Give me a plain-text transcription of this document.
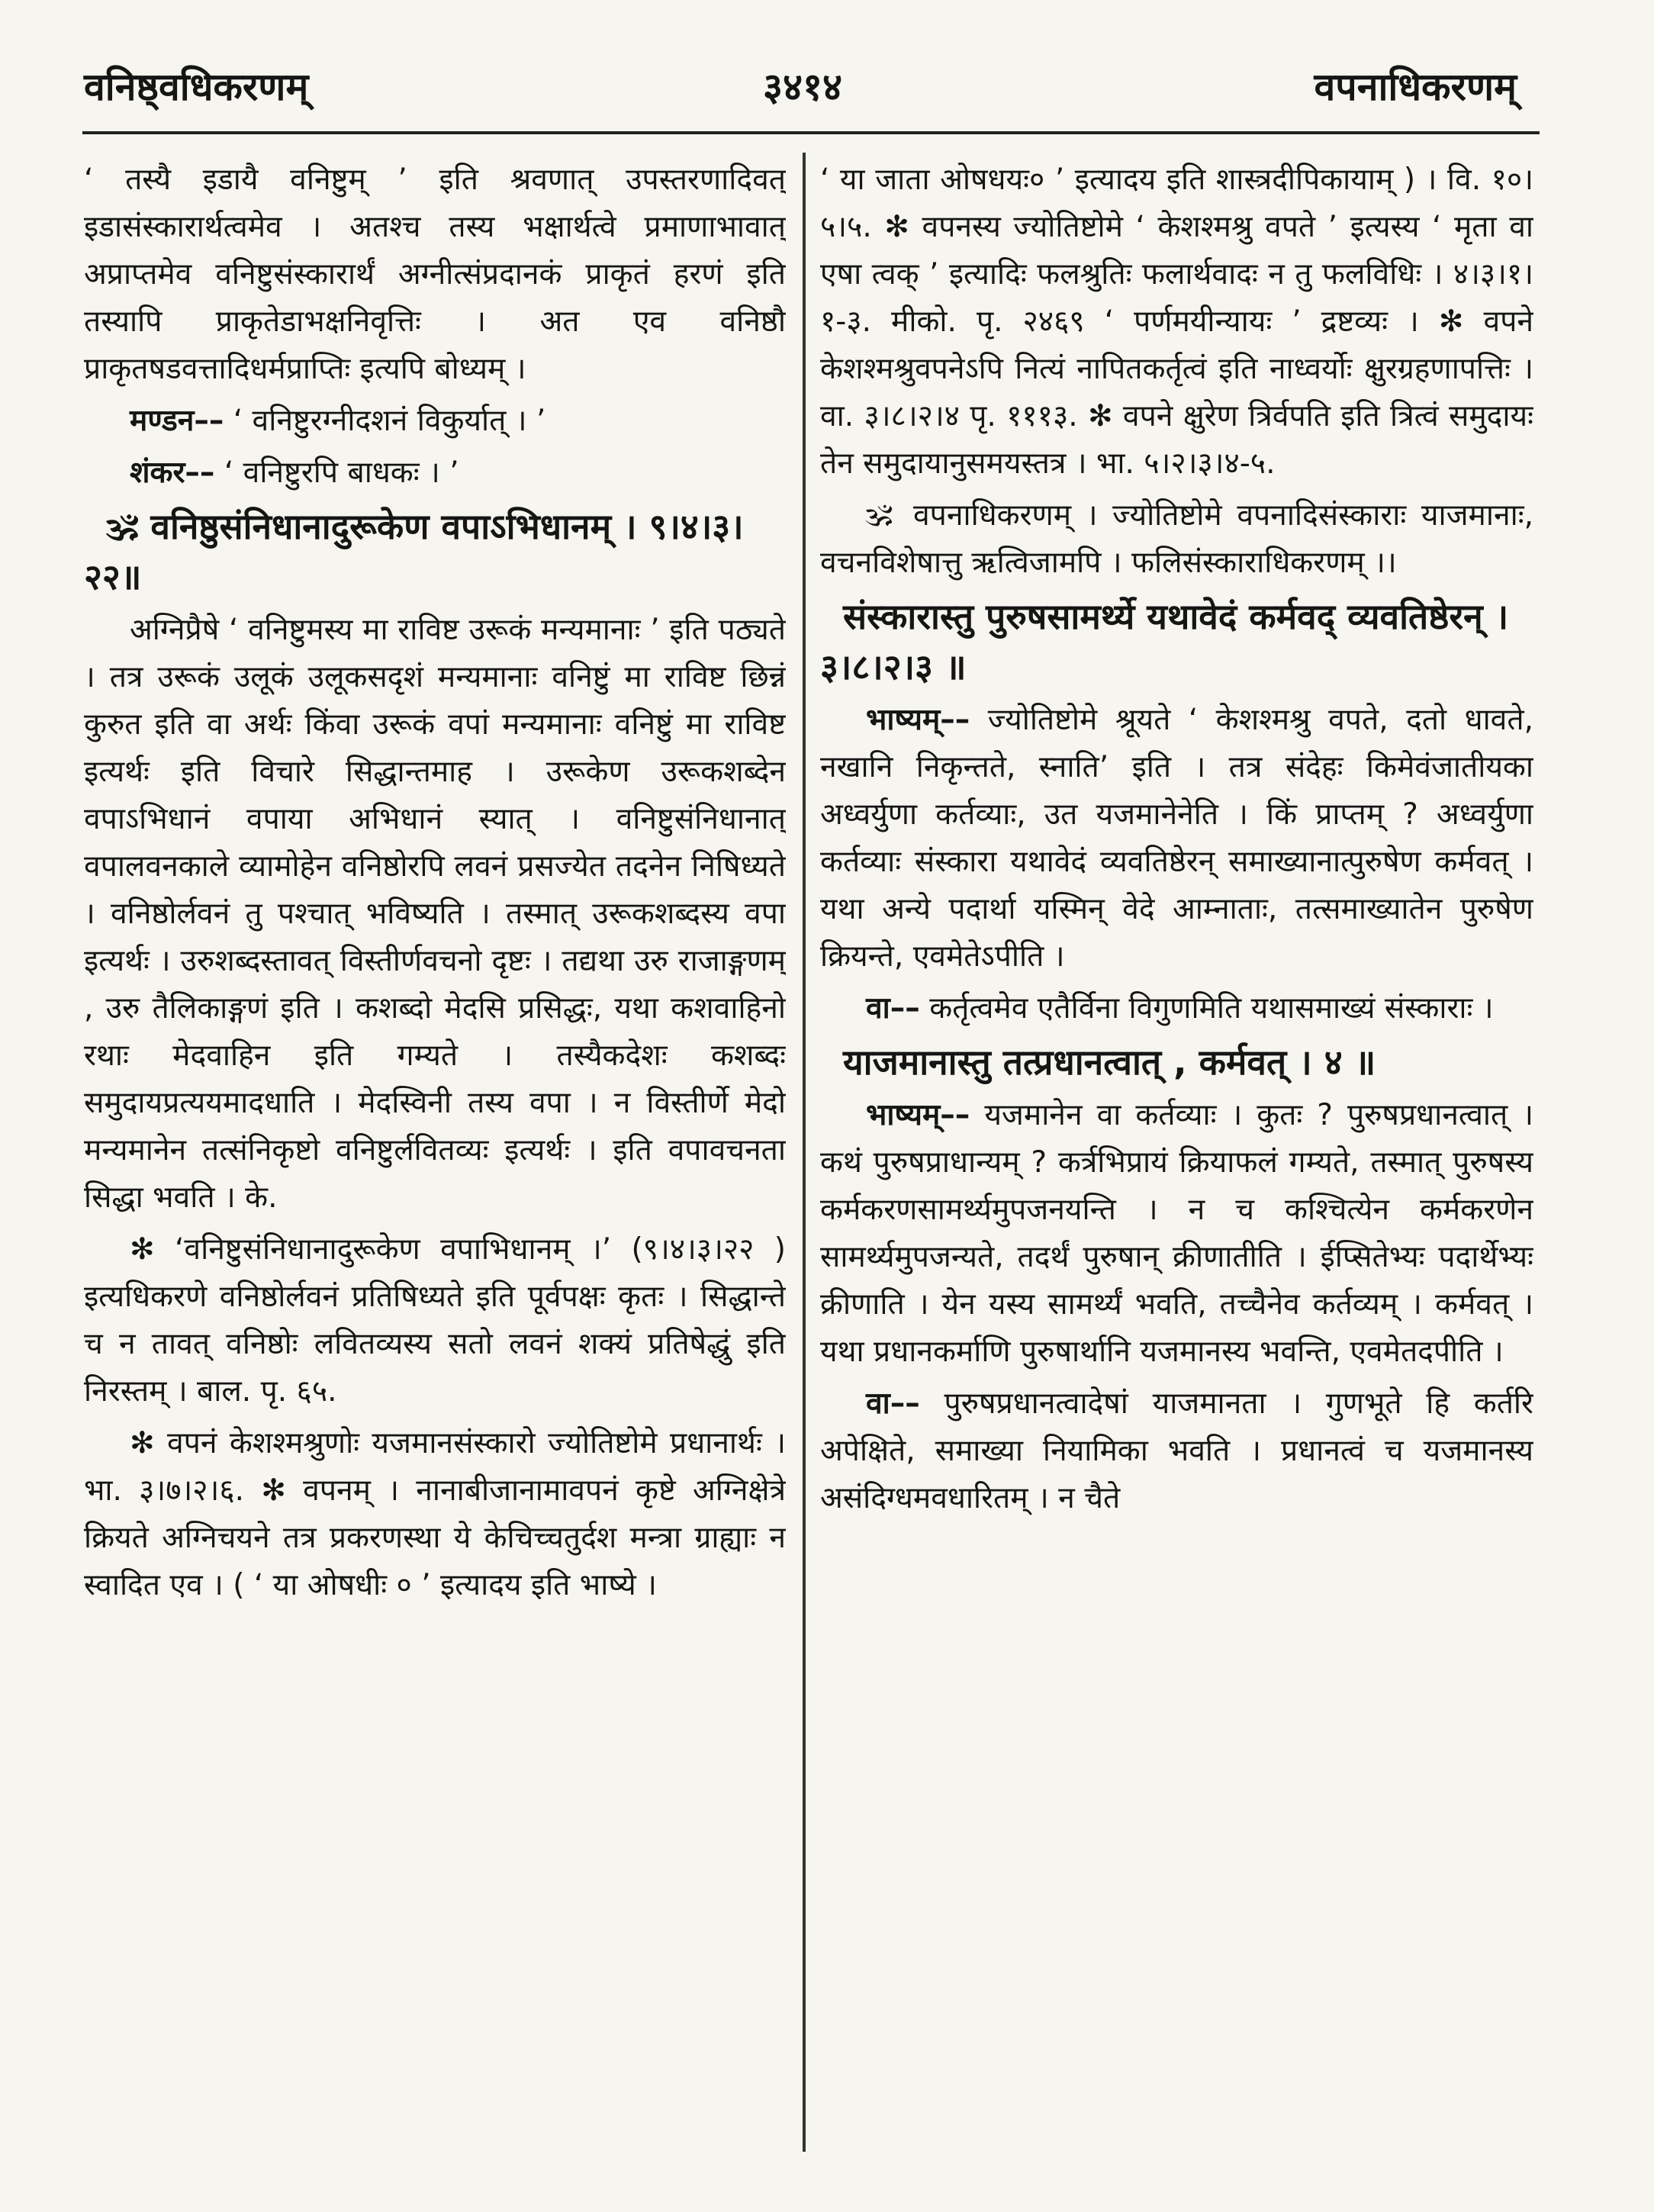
वनिष्ठ्वधिकरणम्	३४१४	वपनाधिकरणम्

‘ तस्यै इडायै वनिष्टुम् ’ इति श्रवणात् उपस्तरणादिवत् इडासंस्कारार्थत्वमेव । अतश्च तस्य भक्षार्थत्वे प्रमाणाभावात् अप्राप्तमेव वनिष्टुसंस्कारार्थं अग्नीत्संप्रदानकं प्राकृतं हरणं इति तस्यापि प्राकृतेडाभक्षनिवृत्तिः । अत एव वनिष्ठौ प्राकृतषडवत्तादिधर्मप्राप्तिः इत्यपि बोध्यम् ।

मण्डन–– ‘ वनिष्टुरग्नीदशनं विकुर्यात् । ’

शंकर–– ‘ वनिष्टुरपि बाधकः । ’

🕉 वनिष्ठुसंनिधानादुरूकेण वपाऽभिधानम् । ९।४।३।२२॥

अग्निप्रैषे ‘ वनिष्टुमस्य मा राविष्ट उरूकं मन्यमानाः ’ इति पठ्यते । तत्र उरूकं उलूकं उलूकसदृशं मन्यमानाः वनिष्टुं मा राविष्ट छिन्नं कुरुत इति वा अर्थः किंवा उरूकं वपां मन्यमानाः वनिष्टुं मा राविष्ट इत्यर्थः इति विचारे सिद्धान्तमाह । उरूकेण उरूकशब्देन वपाऽभिधानं वपाया अभिधानं स्यात् । वनिष्टुसंनिधानात् वपालवनकाले व्यामोहेन वनिष्ठोरपि लवनं प्रसज्येत तदनेन निषिध्यते । वनिष्ठोर्लवनं तु पश्चात् भविष्यति । तस्मात् उरूकशब्दस्य वपा इत्यर्थः । उरुशब्दस्तावत् विस्तीर्णवचनो दृष्टः । तद्यथा उरु राजाङ्गणम् , उरु तैलिकाङ्गणं इति । कशब्दो मेदसि प्रसिद्धः, यथा कशवाहिनो रथाः मेदवाहिन इति गम्यते । तस्यैकदेशः कशब्दः समुदायप्रत्ययमादधाति । मेदस्विनी तस्य वपा । न विस्तीर्णे मेदो मन्यमानेन तत्संनिकृष्टो वनिष्टुर्लवितव्यः इत्यर्थः । इति वपावचनता सिद्धा भवति । के.

✻ ‘वनिष्टुसंनिधानादुरूकेण वपाभिधानम् ।’ (९।४।३।२२ ) इत्यधिकरणे वनिष्ठोर्लवनं प्रतिषिध्यते इति पूर्वपक्षः कृतः । सिद्धान्ते च न तावत् वनिष्ठोः लवितव्यस्य सतो लवनं शक्यं प्रतिषेद्धुं इति निरस्तम् । बाल. पृ. ६५.

✻ वपनं केशश्मश्रुणोः यजमानसंस्कारो ज्योतिष्टोमे प्रधानार्थः । भा. ३।७।२।६. ✻ वपनम् । नानाबीजानामावपनं कृष्टे अग्निक्षेत्रे क्रियते अग्निचयने तत्र प्रकरणस्था ये केचिच्चतुर्दश मन्त्रा ग्राह्याः न स्वादित एव । ( ‘ या ओषधीः ० ’ इत्यादय इति भाष्ये ।

‘ या जाता ओषधयः० ’ इत्यादय इति शास्त्रदीपिकायाम् ) । वि. १०।५।५. ✻ वपनस्य ज्योतिष्टोमे ‘ केशश्मश्रु वपते ’ इत्यस्य ‘ मृता वा एषा त्वक् ’ इत्यादिः फलश्रुतिः फलार्थवादः न तु फलविधिः । ४।३।१।१-३. मीको. पृ. २४६९ ‘ पर्णमयीन्यायः ’ द्रष्टव्यः । ✻ वपने केशश्मश्रुवपनेऽपि नित्यं नापितकर्तृत्वं इति नाध्वर्योः क्षुरग्रहणापत्तिः । वा. ३।८।२।४ पृ. १११३. ✻ वपने क्षुरेण त्रिर्वपति इति त्रित्वं समुदायः तेन समुदायानुसमयस्तत्र । भा. ५।२।३।४-५.

🕉 वपनाधिकरणम् । ज्योतिष्टोमे वपनादिसंस्काराः याजमानाः, वचनविशेषात्तु ऋत्विजामपि । फलिसंस्काराधिकरणम् ।।

संस्कारास्तु पुरुषसामर्थ्ये यथावेदं कर्मवद् व्यवतिष्ठेरन् । ३।८।२।३ ॥

भाष्यम्–– ज्योतिष्टोमे श्रूयते ‘ केशश्मश्रु वपते, दतो धावते, नखानि निकृन्तते, स्नाति’ इति । तत्र संदेहः किमेवंजातीयका अध्वर्युणा कर्तव्याः, उत यजमानेनेति । किं प्राप्तम् ? अध्वर्युणा कर्तव्याः संस्कारा यथावेदं व्यवतिष्ठेरन् समाख्यानात्पुरुषेण कर्मवत् । यथा अन्ये पदार्था यस्मिन् वेदे आम्नाताः, तत्समाख्यातेन पुरुषेण क्रियन्ते, एवमेतेऽपीति ।

वा–– कर्तृत्वमेव एतैर्विना विगुणमिति यथासमाख्यं संस्काराः ।

याजमानास्तु तत्प्रधानत्वात् , कर्मवत् । ४ ॥

भाष्यम्–– यजमानेन वा कर्तव्याः । कुतः ? पुरुषप्रधानत्वात् । कथं पुरुषप्राधान्यम् ? कर्त्रभिप्रायं क्रियाफलं गम्यते, तस्मात् पुरुषस्य कर्मकरणसामर्थ्यमुपजनयन्ति । न च कश्चित्येन कर्मकरणेन सामर्थ्यमुपजन्यते, तदर्थं पुरुषान् क्रीणातीति । ईप्सितेभ्यः पदार्थेभ्यः क्रीणाति । येन यस्य सामर्थ्यं भवति, तच्चैनेव कर्तव्यम् । कर्मवत् । यथा प्रधानकर्माणि पुरुषार्थानि यजमानस्य भवन्ति, एवमेतदपीति ।

वा–– पुरुषप्रधानत्वादेषां याजमानता । गुणभूते हि कर्तरि अपेक्षिते, समाख्या नियामिका भवति । प्रधानत्वं च यजमानस्य असंदिग्धमवधारितम् । न चैते
